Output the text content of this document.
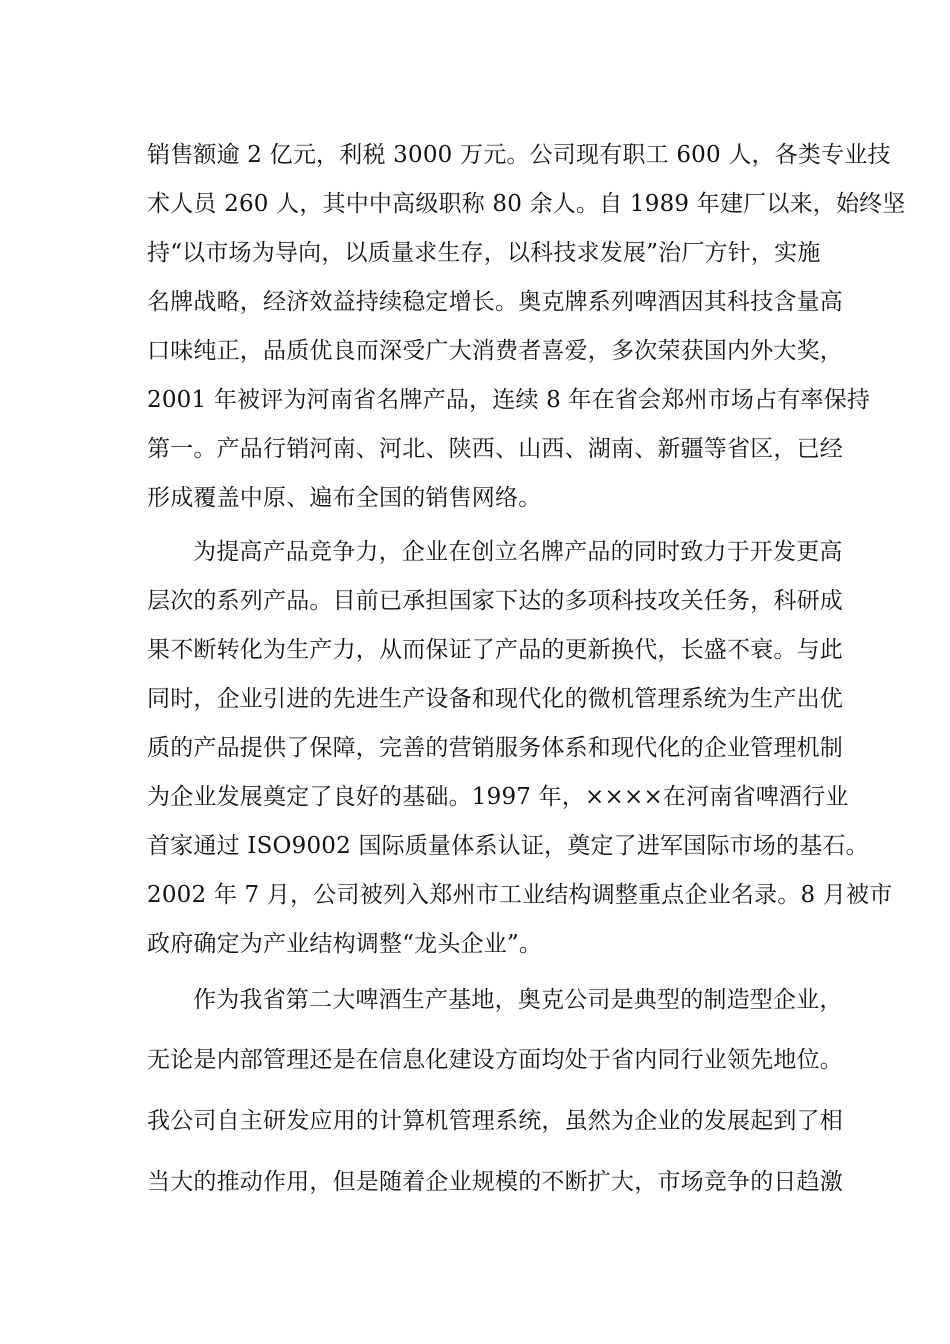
销售额逾 2 亿元，利税 3000 万元。公司现有职工 600 人，各类专业技
术人员 260 人，其中中高级职称 80 余人。自 1989 年建厂以来，始终坚
持“以市场为导向，以质量求生存，以科技求发展”治厂方针，实施
名牌战略，经济效益持续稳定增长。奥克牌系列啤酒因其科技含量高
口味纯正，品质优良而深受广大消费者喜爱，多次荣获国内外大奖，
2001 年被评为河南省名牌产品，连续 8 年在省会郑州市场占有率保持
第一。产品行销河南、河北、陕西、山西、湖南、新疆等省区，已经
形成覆盖中原、遍布全国的销售网络。
为提高产品竞争力，企业在创立名牌产品的同时致力于开发更高
层次的系列产品。目前已承担国家下达的多项科技攻关任务，科研成
果不断转化为生产力，从而保证了产品的更新换代，长盛不衰。与此
同时，企业引进的先进生产设备和现代化的微机管理系统为生产出优
质的产品提供了保障，完善的营销服务体系和现代化的企业管理机制
为企业发展奠定了良好的基础。1997 年，××××在河南省啤酒行业
首家通过 ISO9002 国际质量体系认证，奠定了进军国际市场的基石。
2002 年 7 月，公司被列入郑州市工业结构调整重点企业名录。8 月被市
政府确定为产业结构调整“龙头企业”。
作为我省第二大啤酒生产基地，奥克公司是典型的制造型企业，
无论是内部管理还是在信息化建设方面均处于省内同行业领先地位。
我公司自主研发应用的计算机管理系统，虽然为企业的发展起到了相
当大的推动作用，但是随着企业规模的不断扩大，市场竞争的日趋激
